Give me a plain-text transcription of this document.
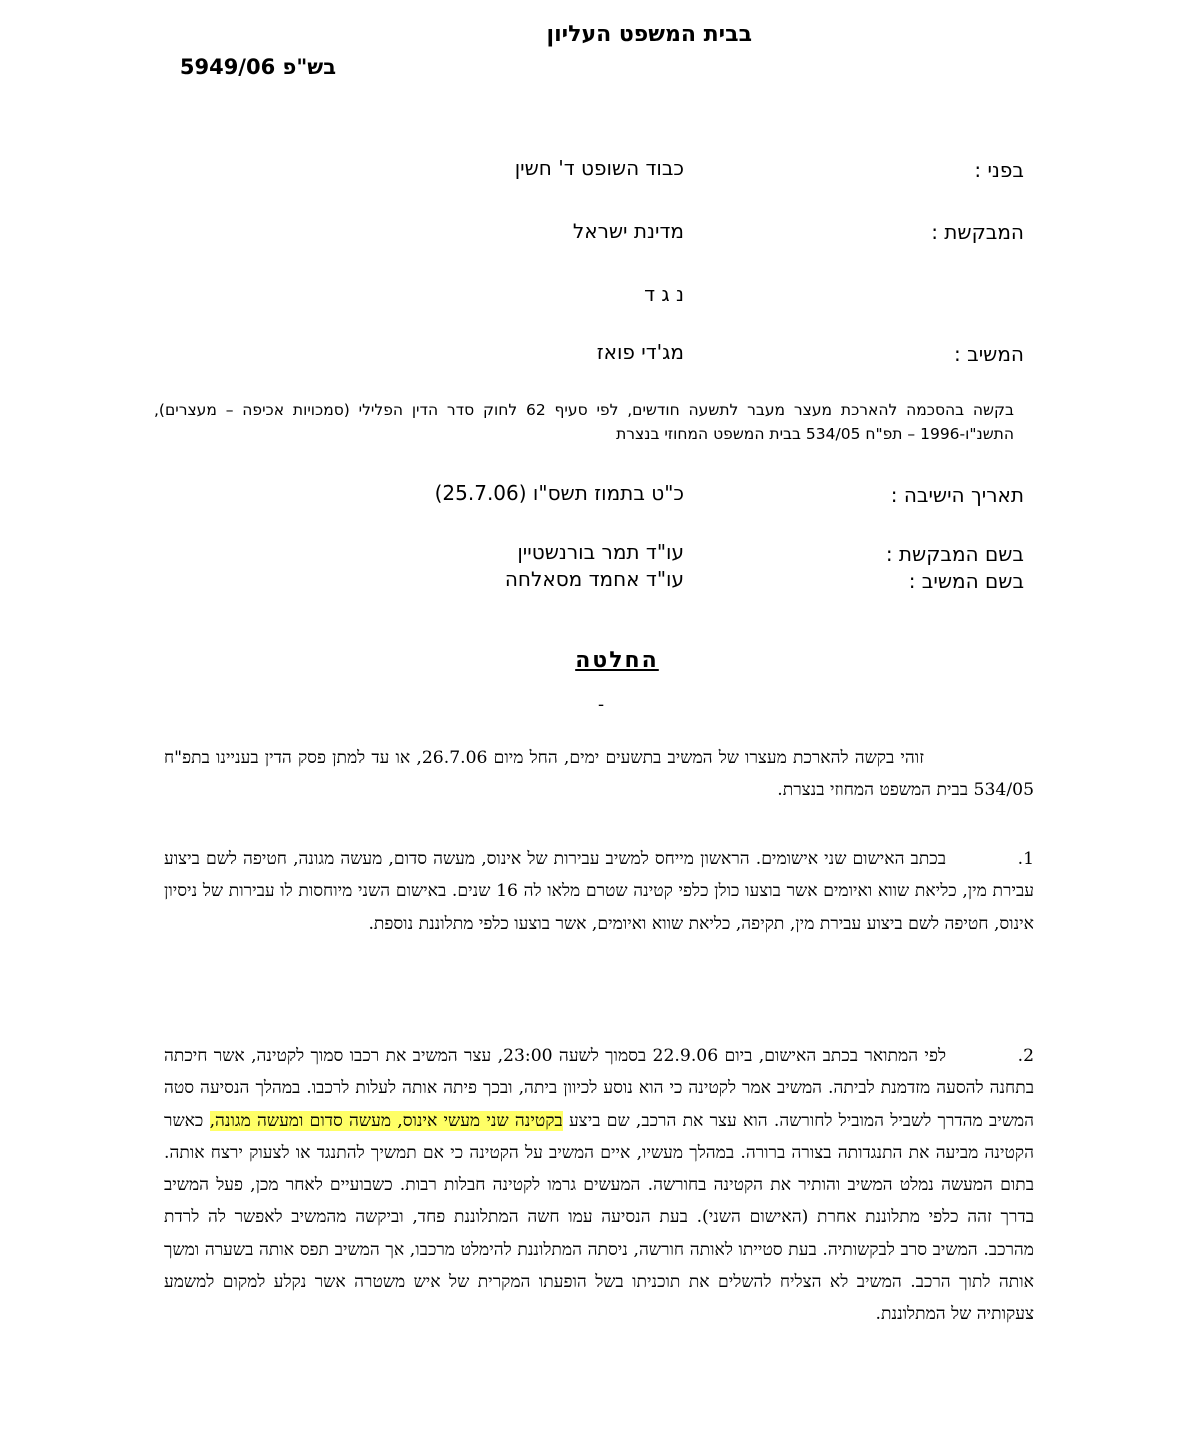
בבית המשפט העליון
בש"פ 5949/06
בפני :
כבוד השופט ד' חשין
המבקשת :
מדינת ישראל
נ ג ד
המשיב :
מג'די פואז
בקשה בהסכמה להארכת מעצר מעבר לתשעה חודשים, לפי סעיף 62 לחוק סדר הדין הפלילי (סמכויות אכיפה – מעצרים), התשנ"ו-1996 – תפ"ח 534/05 בבית המשפט המחוזי בנצרת
תאריך הישיבה :
כ"ט בתמוז תשס"ו (25.7.06)
בשם המבקשת :
עו"ד תמר בורנשטיין
בשם המשיב :
עו"ד אחמד מסאלחה
החלטה
-
זוהי בקשה להארכת מעצרו של המשיב בתשעים ימים, החל מיום 26.7.06, או עד למתן פסק הדין בעניינו בתפ"ח 534/05 בבית המשפט המחוזי בנצרת.
1.בכתב האישום שני אישומים. הראשון מייחס למשיב עבירות של אינוס, מעשה סדום, מעשה מגונה, חטיפה לשם ביצוע עבירת מין, כליאת שווא ואיומים אשר בוצעו כולן כלפי קטינה שטרם מלאו לה 16 שנים. באישום השני מיוחסות לו עבירות של ניסיון אינוס, חטיפה לשם ביצוע עבירת מין, תקיפה, כליאת שווא ואיומים, אשר בוצעו כלפי מתלוננת נוספת.
2.לפי המתואר בכתב האישום, ביום 22.9.06 בסמוך לשעה 23:00, עצר המשיב את רכבו סמוך לקטינה, אשר חיכתה בתחנה להסעה מזדמנת לביתה. המשיב אמר לקטינה כי הוא נוסע לכיוון ביתה, ובכך פיתה אותה לעלות לרכבו. במהלך הנסיעה סטה המשיב מהדרך לשביל המוביל לחורשה. הוא עצר את הרכב, שם ביצע בקטינה שני מעשי אינוס, מעשה סדום ומעשה מגונה, כאשר הקטינה מביעה את התנגדותה בצורה ברורה. במהלך מעשיו, איים המשיב על הקטינה כי אם תמשיך להתנגד או לצעוק ירצח אותה. בתום המעשה נמלט המשיב והותיר את הקטינה בחורשה. המעשים גרמו לקטינה חבלות רבות. כשבועיים לאחר מכן, פעל המשיב בדרך זהה כלפי מתלוננת אחרת (האישום השני). בעת הנסיעה עמו חשה המתלוננת פחד, וביקשה מהמשיב לאפשר לה לרדת מהרכב. המשיב סרב לבקשותיה. בעת סטייתו לאותה חורשה, ניסתה המתלוננת להימלט מרכבו, אך המשיב תפס אותה בשערה ומשך אותה לתוך הרכב. המשיב לא הצליח להשלים את תוכניתו בשל הופעתו המקרית של איש משטרה אשר נקלע למקום למשמע צעקותיה של המתלוננת.
